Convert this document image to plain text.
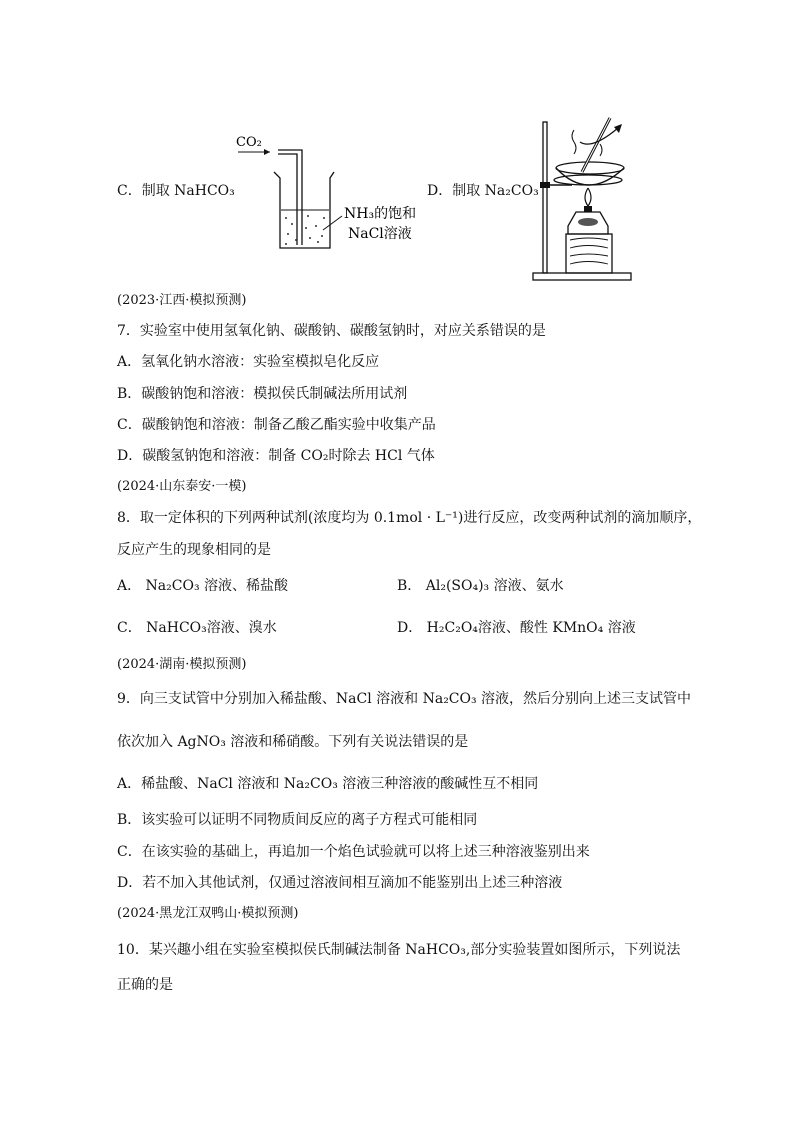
C．制取 NaHCO₃	D．制取 Na₂CO₃
CO₂
NH₃的饱和
NaCl溶液
(2023·江西·模拟预测)
7．实验室中使用氢氧化钠、碳酸钠、碳酸氢钠时，对应关系错误的是
A．氢氧化钠水溶液：实验室模拟皂化反应
B．碳酸钠饱和溶液：模拟侯氏制碱法所用试剂
C．碳酸钠饱和溶液：制备乙酸乙酯实验中收集产品
D．碳酸氢钠饱和溶液：制备 CO₂时除去 HCl 气体
(2024·山东泰安·一模)
8．取一定体积的下列两种试剂(浓度均为 0.1mol · L⁻¹)进行反应，改变两种试剂的滴加顺序，
反应产生的现象相同的是
A． Na₂CO₃ 溶液、稀盐酸	B． Al₂(SO₄)₃ 溶液、氨水
C． NaHCO₃溶液、溴水	D． H₂C₂O₄溶液、酸性 KMnO₄ 溶液
(2024·湖南·模拟预测)
9．向三支试管中分别加入稀盐酸、NaCl 溶液和 Na₂CO₃ 溶液，然后分别向上述三支试管中
依次加入 AgNO₃ 溶液和稀硝酸。下列有关说法错误的是
A．稀盐酸、NaCl 溶液和 Na₂CO₃ 溶液三种溶液的酸碱性互不相同
B．该实验可以证明不同物质间反应的离子方程式可能相同
C．在该实验的基础上，再追加一个焰色试验就可以将上述三种溶液鉴别出来
D．若不加入其他试剂，仅通过溶液间相互滴加不能鉴别出上述三种溶液
(2024·黑龙江双鸭山·模拟预测)
10．某兴趣小组在实验室模拟侯氏制碱法制备 NaHCO₃,部分实验装置如图所示，下列说法
正确的是
